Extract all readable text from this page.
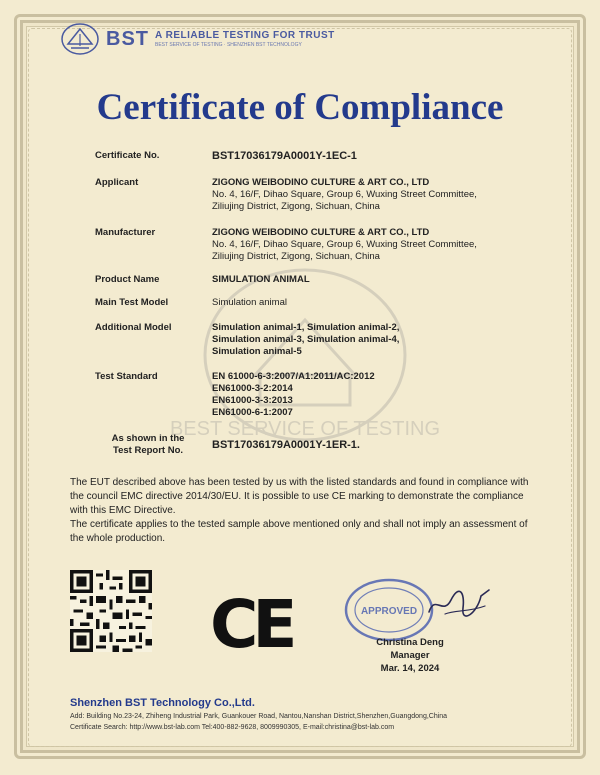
BEST SERVICE OF TESTING
BST A RELIABLE TESTING FOR TRUST
BEST SERVICE OF TESTING · SHENZHEN BST TECHNOLOGY
Certificate of Compliance
Certificate No.	BST17036179A0001Y-1EC-1
Applicant	ZIGONG WEIBODINO CULTURE & ART CO., LTD
No. 4, 16/F, Dihao Square, Group 6, Wuxing Street Committee,
Ziliujing District, Zigong, Sichuan, China
Manufacturer	ZIGONG WEIBODINO CULTURE & ART CO., LTD
No. 4, 16/F, Dihao Square, Group 6, Wuxing Street Committee,
Ziliujing District, Zigong, Sichuan, China
Product Name	SIMULATION ANIMAL
Main Test Model	Simulation animal
Additional Model	Simulation animal-1, Simulation animal-2,
Simulation animal-3, Simulation animal-4,
Simulation animal-5
Test Standard	EN 61000-6-3:2007/A1:2011/AC:2012
EN61000-3-2:2014
EN61000-3-3:2013
EN61000-6-1:2007
As shown in the
Test Report No.	BST17036179A0001Y-1ER-1.

The EUT described above has been tested by us with the listed standards and found in compliance with the council EMC directive 2014/30/EU. It is possible to use CE marking to demonstrate the compliance with this EMC Directive.

The certificate applies to the tested sample above mentioned only and shall not imply an assessment of the whole production.

CE	APPROVED
Christina Deng
Manager
Mar. 14, 2024
Shenzhen BST Technology Co.,Ltd.
Add: Building No.23-24, Zhiheng Industrial Park, Guankouer Road, Nantou,Nanshan District,Shenzhen,Guangdong,China
Certificate Search: http://www.bst-lab.com Tel:400-882-9628, 8009990305, E-mail:christina@bst-lab.com
